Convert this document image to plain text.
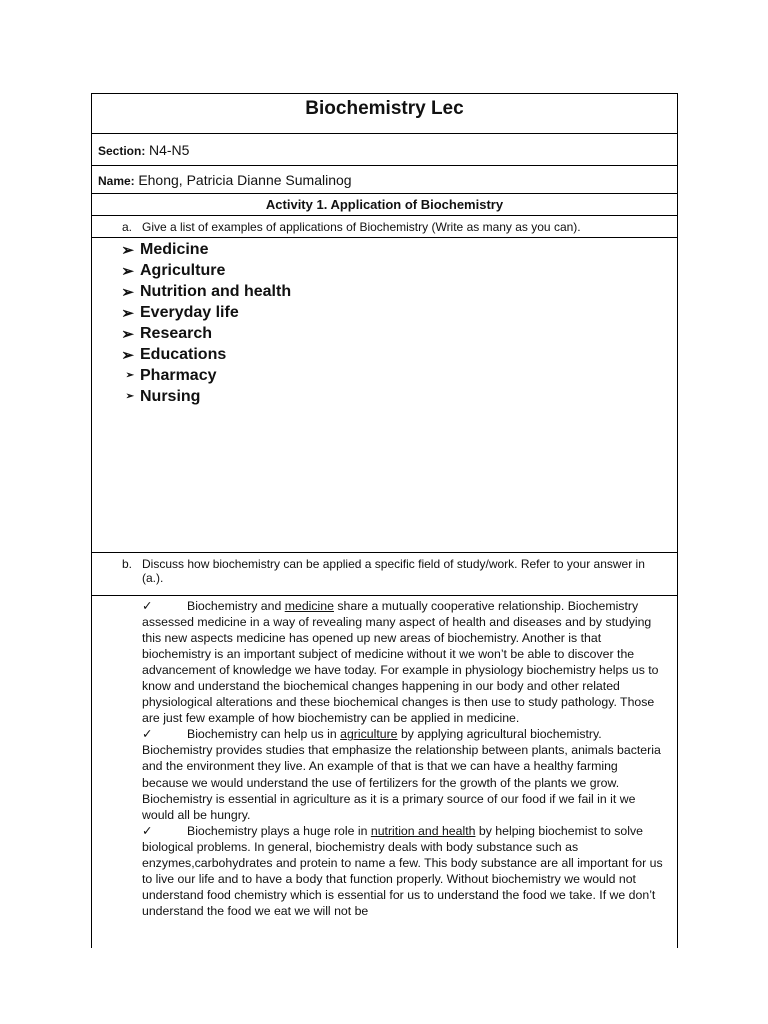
Biochemistry Lec
Section: N4-N5
Name: Ehong, Patricia Dianne Sumalinog
Activity 1. Application of Biochemistry
a. Give a list of examples of applications of Biochemistry (Write as many as you can).
➢ Medicine
➢ Agriculture
➢ Nutrition and health
➢ Everyday life
➢ Research
➢ Educations
➢ Pharmacy
➢ Nursing
b. Discuss how biochemistry can be applied a specific field of study/work. Refer to your answer in (a.).

✓	Biochemistry and medicine share a mutually cooperative relationship. Biochemistry assessed medicine in a way of revealing many aspect of health and diseases and by studying this new aspects medicine has opened up new areas of biochemistry. Another is that biochemistry is an important subject of medicine without it we won’t be able to discover the advancement of knowledge we have today. For example in physiology biochemistry helps us to know and understand the biochemical changes happening in our body and other related physiological alterations and these biochemical changes is then use to study pathology. Those are just few example of how biochemistry can be applied in medicine.

✓	Biochemistry can help us in agriculture by applying agricultural biochemistry. Biochemistry provides studies that emphasize the relationship between plants, animals bacteria and the environment they live. An example of that is that we can have a healthy farming because we would understand the use of fertilizers for the growth of the plants we grow. Biochemistry is essential in agriculture as it is a primary source of our food if we fail in it we would all be hungry.

✓	Biochemistry plays a huge role in nutrition and health by helping biochemist to solve biological problems. In general, biochemistry deals with body substance such as enzymes,carbohydrates and protein to name a few. This body substance are all important for us to live our life and to have a body that function properly. Without biochemistry we would not understand food chemistry which is essential for us to understand the food we take. If we don’t understand the food we eat we will not be
